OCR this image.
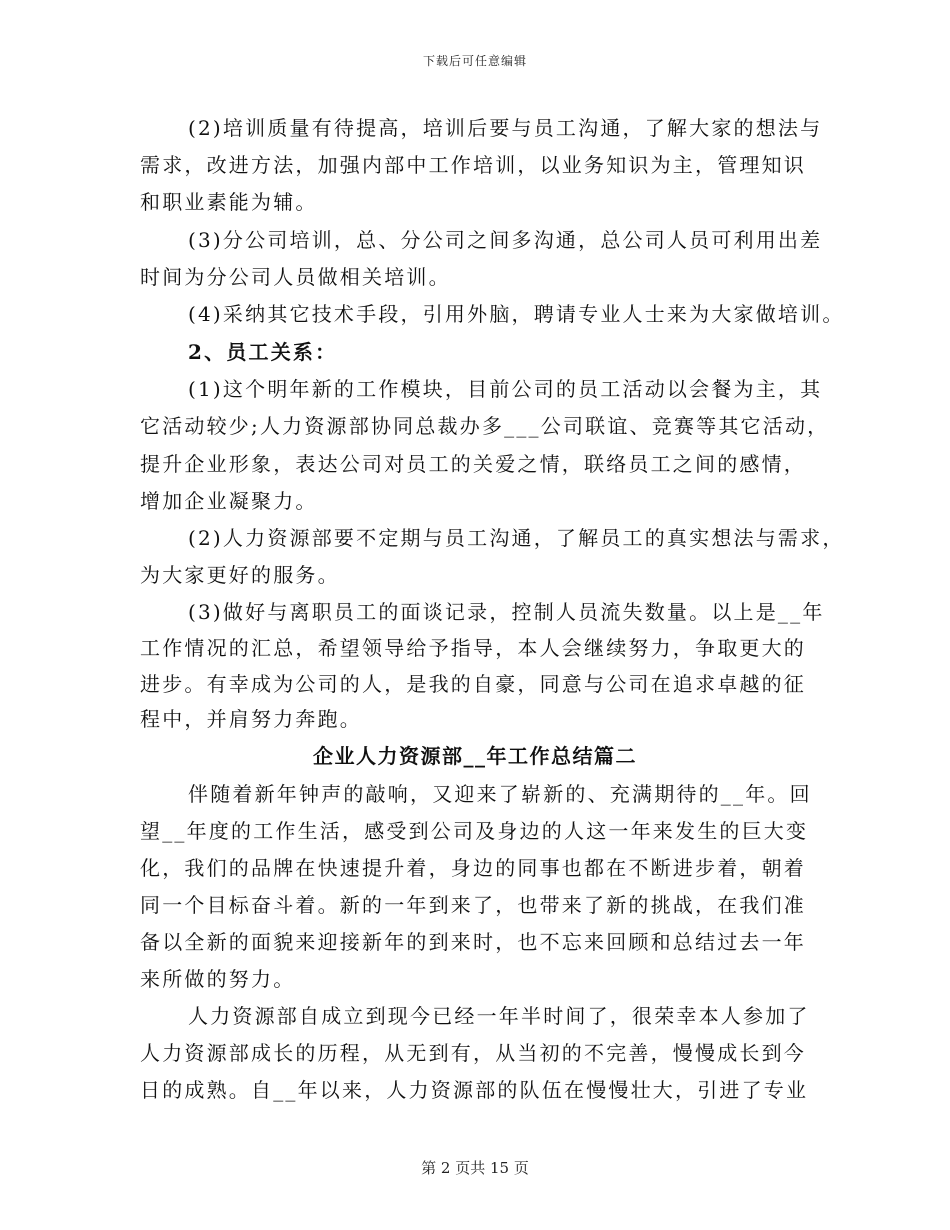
下载后可任意编辑
(2)培训质量有待提高，培训后要与员工沟通，了解大家的想法与
需求，改进方法，加强内部中工作培训，以业务知识为主，管理知识
和职业素能为辅。
(3)分公司培训，总、分公司之间多沟通，总公司人员可利用出差
时间为分公司人员做相关培训。
(4)采纳其它技术手段，引用外脑，聘请专业人士来为大家做培训。
2、员工关系：
(1)这个明年新的工作模块，目前公司的员工活动以会餐为主，其
它活动较少;人力资源部协同总裁办多___公司联谊、竞赛等其它活动，
提升企业形象，表达公司对员工的关爱之情，联络员工之间的感情，
增加企业凝聚力。
(2)人力资源部要不定期与员工沟通，了解员工的真实想法与需求，
为大家更好的服务。
(3)做好与离职员工的面谈记录，控制人员流失数量。以上是__年
工作情况的汇总，希望领导给予指导，本人会继续努力，争取更大的
进步。有幸成为公司的人，是我的自豪，同意与公司在追求卓越的征
程中，并肩努力奔跑。
企业人力资源部__年工作总结篇二
伴随着新年钟声的敲响，又迎来了崭新的、充满期待的__年。回
望__年度的工作生活，感受到公司及身边的人这一年来发生的巨大变
化，我们的品牌在快速提升着，身边的同事也都在不断进步着，朝着
同一个目标奋斗着。新的一年到来了，也带来了新的挑战，在我们准
备以全新的面貌来迎接新年的到来时，也不忘来回顾和总结过去一年
来所做的努力。
人力资源部自成立到现今已经一年半时间了，很荣幸本人参加了
人力资源部成长的历程，从无到有，从当初的不完善，慢慢成长到今
日的成熟。自__年以来，人力资源部的队伍在慢慢壮大，引进了专业
第 2 页共 15 页
